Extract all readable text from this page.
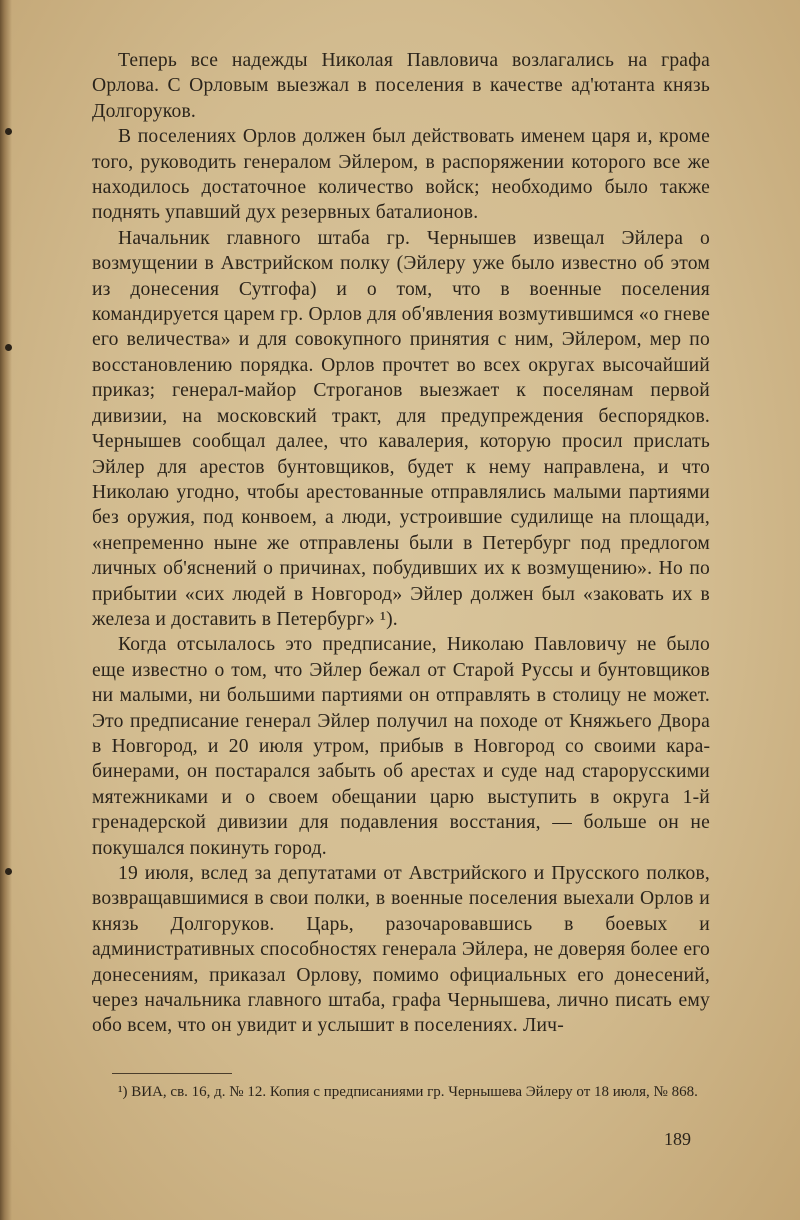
Теперь все надежды Николая Павловича возлагались на графа Орлова. С Орловым выезжал в поселения в качестве ад'ютанта князь Долгоруков.

В поселениях Орлов должен был действовать именем царя и, кроме того, руководить генералом Эйлером, в распоряжении которого все же находилось достаточное количество войск; необходимо было также поднять упавший дух резервных баталионов.

Начальник главного штаба гр. Чернышев извещал Эйлера о возмущении в Австрийском полку (Эйлеру уже было известно об этом из донесения Сутгофа) и о том, что в военные поселения командируется царем гр. Орлов для об'явления возмутившимся «о гневе его величества» и для совокупного принятия с ним, Эйлером, мер по восстановлению порядка. Орлов прочтет во всех округах высочайший приказ; генерал-майор Строганов выезжает к поселянам первой дивизии, на московский тракт, для предупреждения беспорядков. Чернышев сообщал далее, что кавалерия, которую просил прислать Эйлер для арестов бунтовщиков, будет к нему направлена, и что Николаю угодно, чтобы арестованные отправлялись малыми партиями без оружия, под конвоем, а люди, устроившие судилище на площади, «непременно ныне же отправлены были в Петербург под предлогом личных об'яснений о причинах, побудивших их к возмущению». Но по прибытии «сих людей в Новгород» Эйлер должен был «заковать их в железа и доставить в Петербург» ¹).

Когда отсылалось это предписание, Николаю Павловичу не было еще известно о том, что Эйлер бежал от Старой Руссы и бунтовщиков ни малыми, ни большими партиями он отправлять в столицу не может. Это предписание генерал Эйлер получил на походе от Княжьего Двора в Новгород, и 20 июля утром, прибыв в Новгород со своими карабинерами, он постарался забыть об арестах и суде над старорусскими мятежниками и о своем обещании царю выступить в округа 1-й гренадерской дивизии для подавления восстания, — больше он не покушался покинуть город.

19 июля, вслед за депутатами от Австрийского и Прусского полков, возвращавшимися в свои полки, в военные поселения выехали Орлов и князь Долгоруков. Царь, разочаровавшись в боевых и административных способностях генерала Эйлера, не доверяя более его донесениям, приказал Орлову, помимо официальных его донесений, через начальника главного штаба, графа Чернышева, лично писать ему обо всем, что он увидит и услышит в поселениях. Лич-

¹) ВИА, св. 16, д. № 12. Копия с предписаниями гр. Чернышева Эйлеру от 18 июля, № 868.

189
